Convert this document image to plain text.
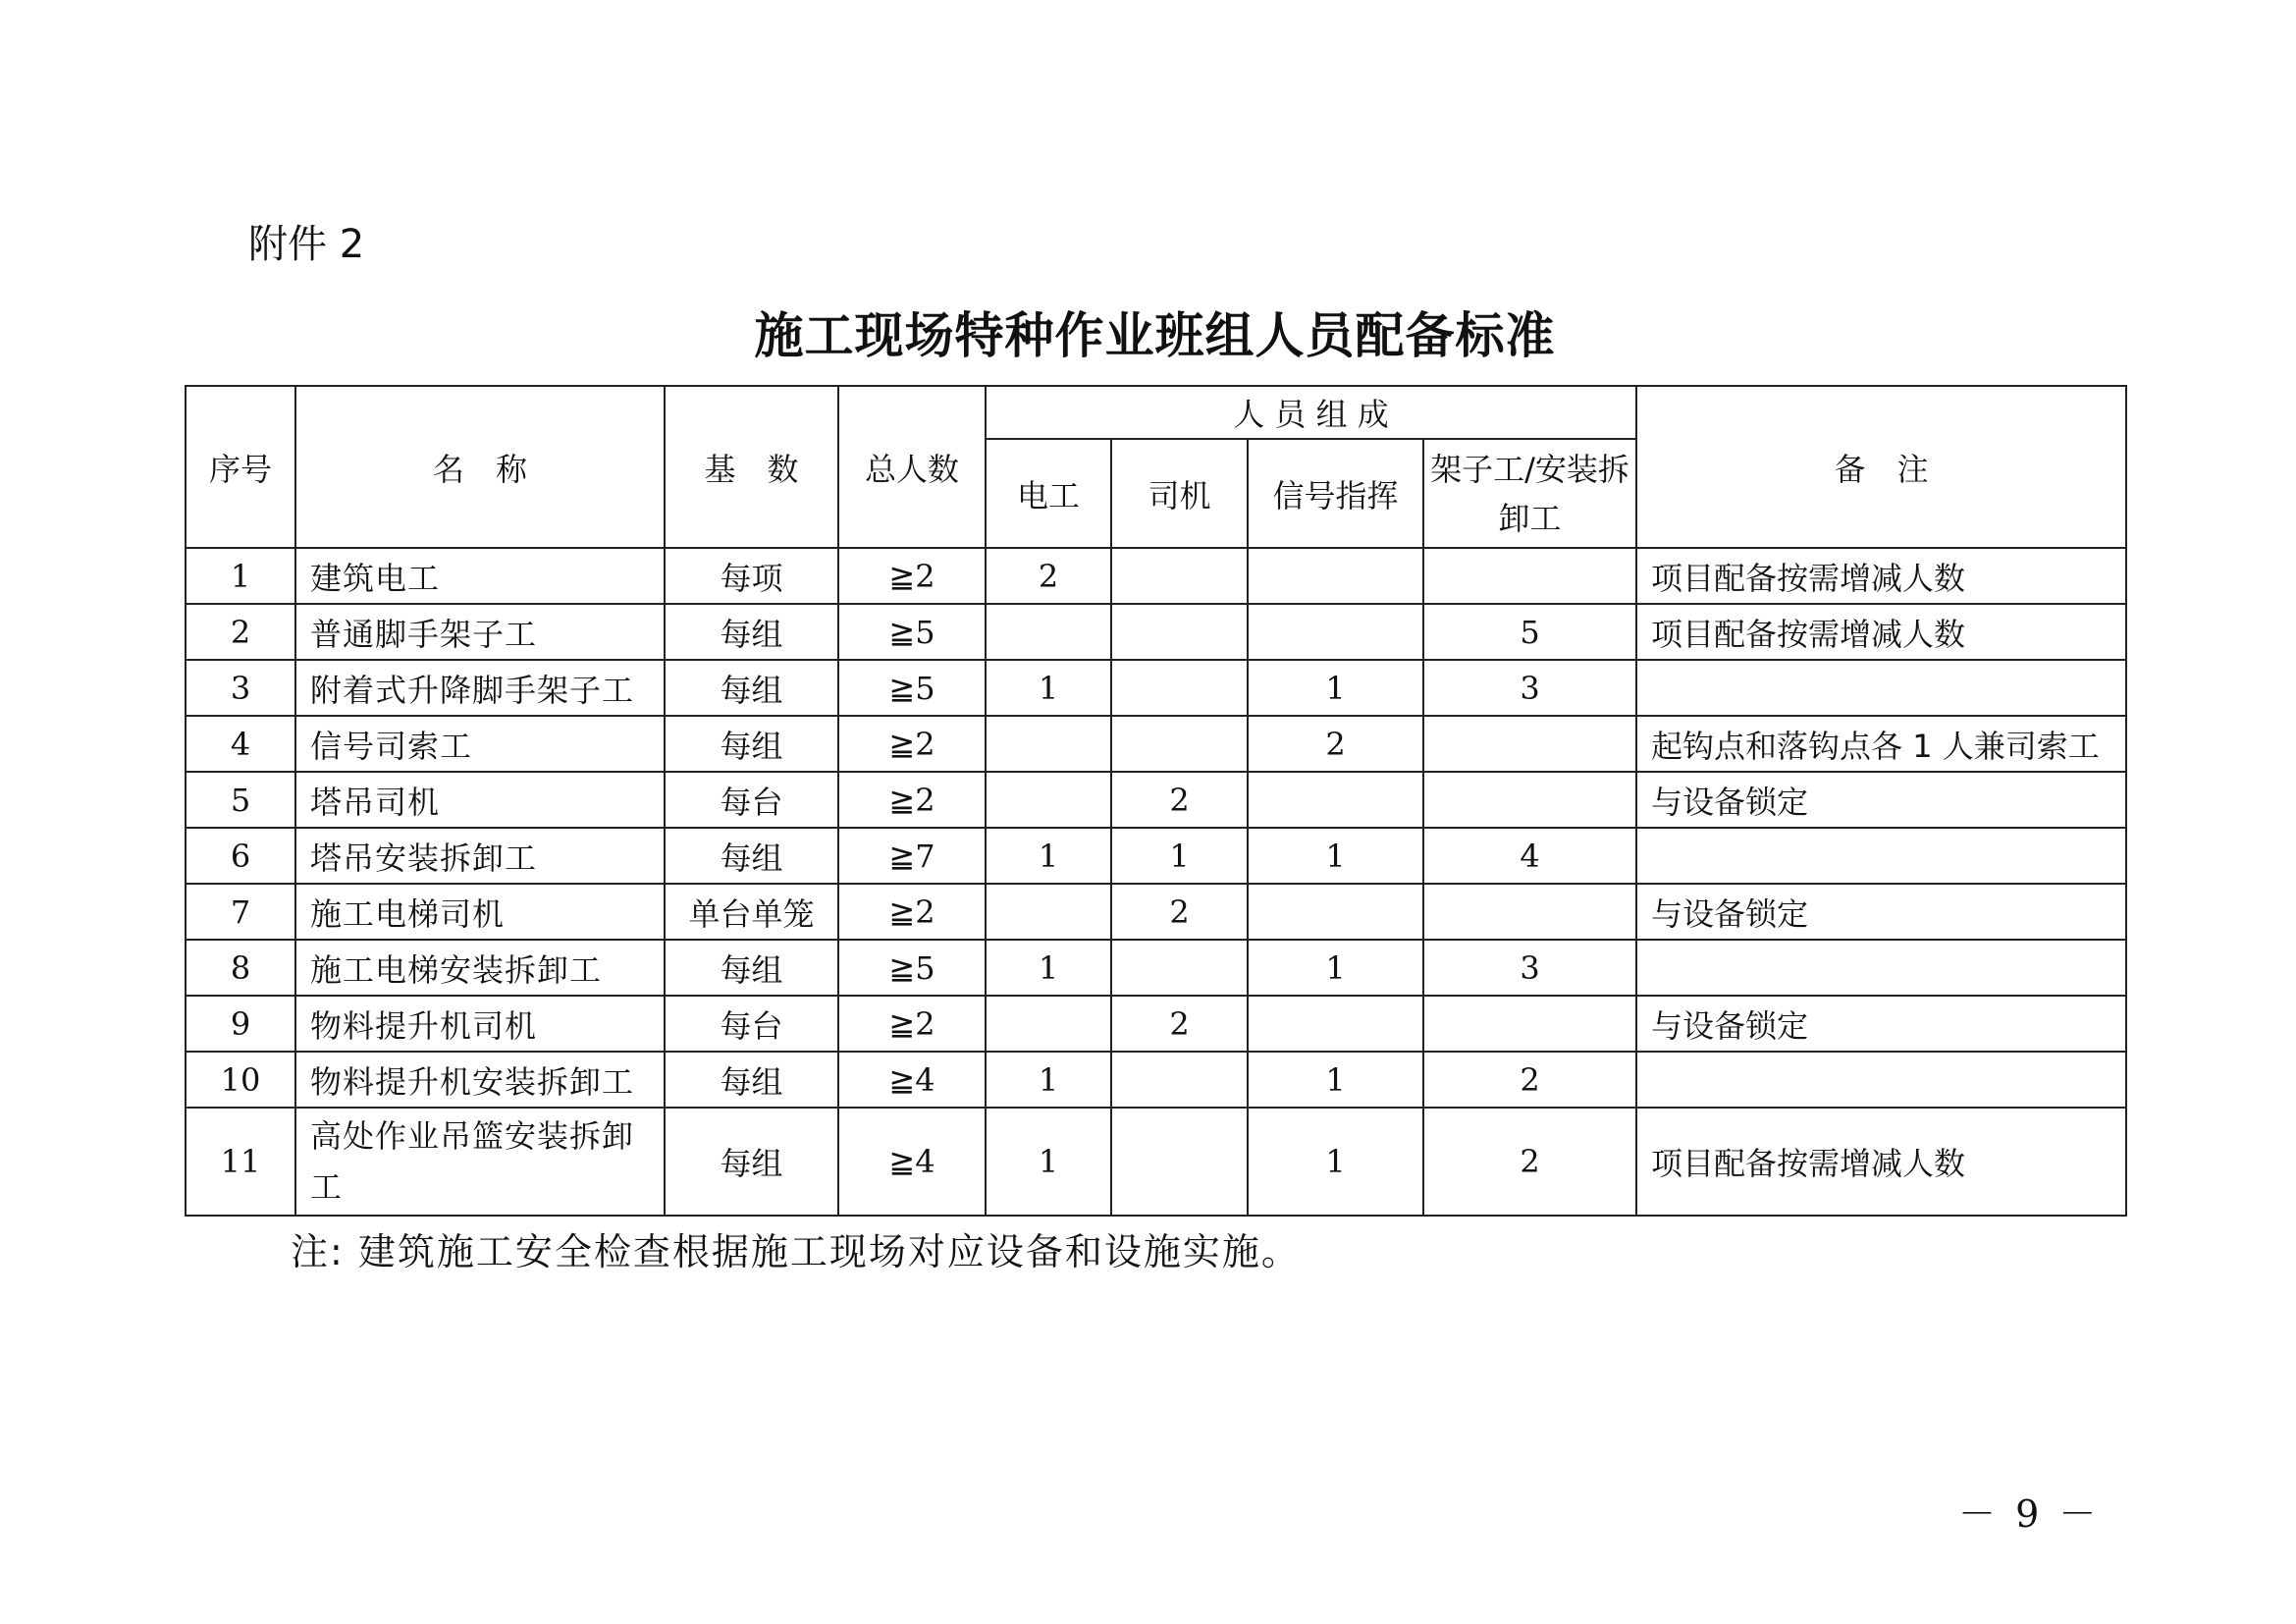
附件 2
施工现场特种作业班组人员配备标准
序号	名　称	基　数	总人数	人 员 组 成				备　注
				电工	司机	信号指挥	架子工/安装拆卸工	
1	建筑电工	每项	≧2	2				项目配备按需增减人数
2	普通脚手架子工	每组	≧5				5	项目配备按需增减人数
3	附着式升降脚手架子工	每组	≧5	1		1	3	
4	信号司索工	每组	≧2			2		起钩点和落钩点各 1 人兼司索工
5	塔吊司机	每台	≧2		2			与设备锁定
6	塔吊安装拆卸工	每组	≧7	1	1	1	4	
7	施工电梯司机	单台单笼	≧2		2			与设备锁定
8	施工电梯安装拆卸工	每组	≧5	1		1	3	
9	物料提升机司机	每台	≧2		2			与设备锁定
10	物料提升机安装拆卸工	每组	≧4	1		1	2	
11	高处作业吊篮安装拆卸工	每组	≧4	1		1	2	项目配备按需增减人数
注: 建筑施工安全检查根据施工现场对应设备和设施实施。
－ 9 －
